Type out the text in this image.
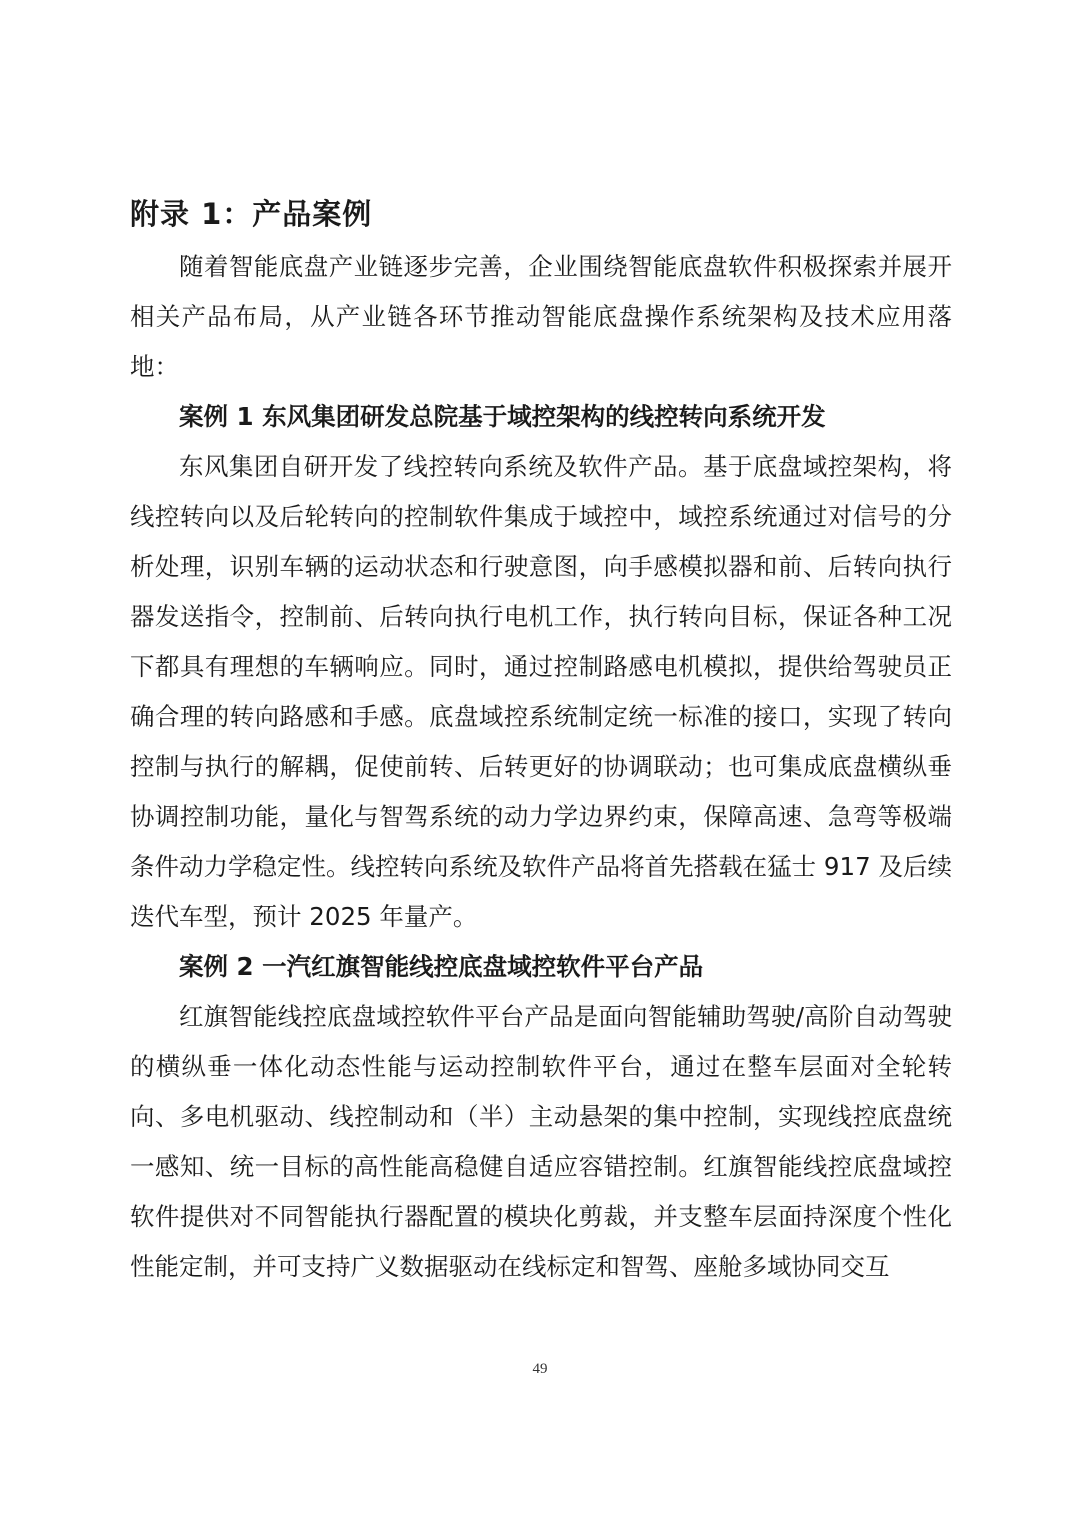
附录 1：产品案例

随着智能底盘产业链逐步完善，企业围绕智能底盘软件积极探索并展开相关产品布局，从产业链各环节推动智能底盘操作系统架构及技术应用落地：

案例 1 东风集团研发总院基于域控架构的线控转向系统开发

东风集团自研开发了线控转向系统及软件产品。基于底盘域控架构，将线控转向以及后轮转向的控制软件集成于域控中，域控系统通过对信号的分析处理，识别车辆的运动状态和行驶意图，向手感模拟器和前、后转向执行器发送指令，控制前、后转向执行电机工作，执行转向目标，保证各种工况下都具有理想的车辆响应。同时，通过控制路感电机模拟，提供给驾驶员正确合理的转向路感和手感。底盘域控系统制定统一标准的接口，实现了转向控制与执行的解耦，促使前转、后转更好的协调联动；也可集成底盘横纵垂协调控制功能，量化与智驾系统的动力学边界约束，保障高速、急弯等极端条件动力学稳定性。线控转向系统及软件产品将首先搭载在猛士 917 及后续迭代车型，预计 2025 年量产。

案例 2 一汽红旗智能线控底盘域控软件平台产品

红旗智能线控底盘域控软件平台产品是面向智能辅助驾驶/高阶自动驾驶的横纵垂一体化动态性能与运动控制软件平台，通过在整车层面对全轮转向、多电机驱动、线控制动和（半）主动悬架的集中控制，实现线控底盘统一感知、统一目标的高性能高稳健自适应容错控制。红旗智能线控底盘域控软件提供对不同智能执行器配置的模块化剪裁，并支整车层面持深度个性化性能定制，并可支持广义数据驱动在线标定和智驾、座舱多域协同交互

49
